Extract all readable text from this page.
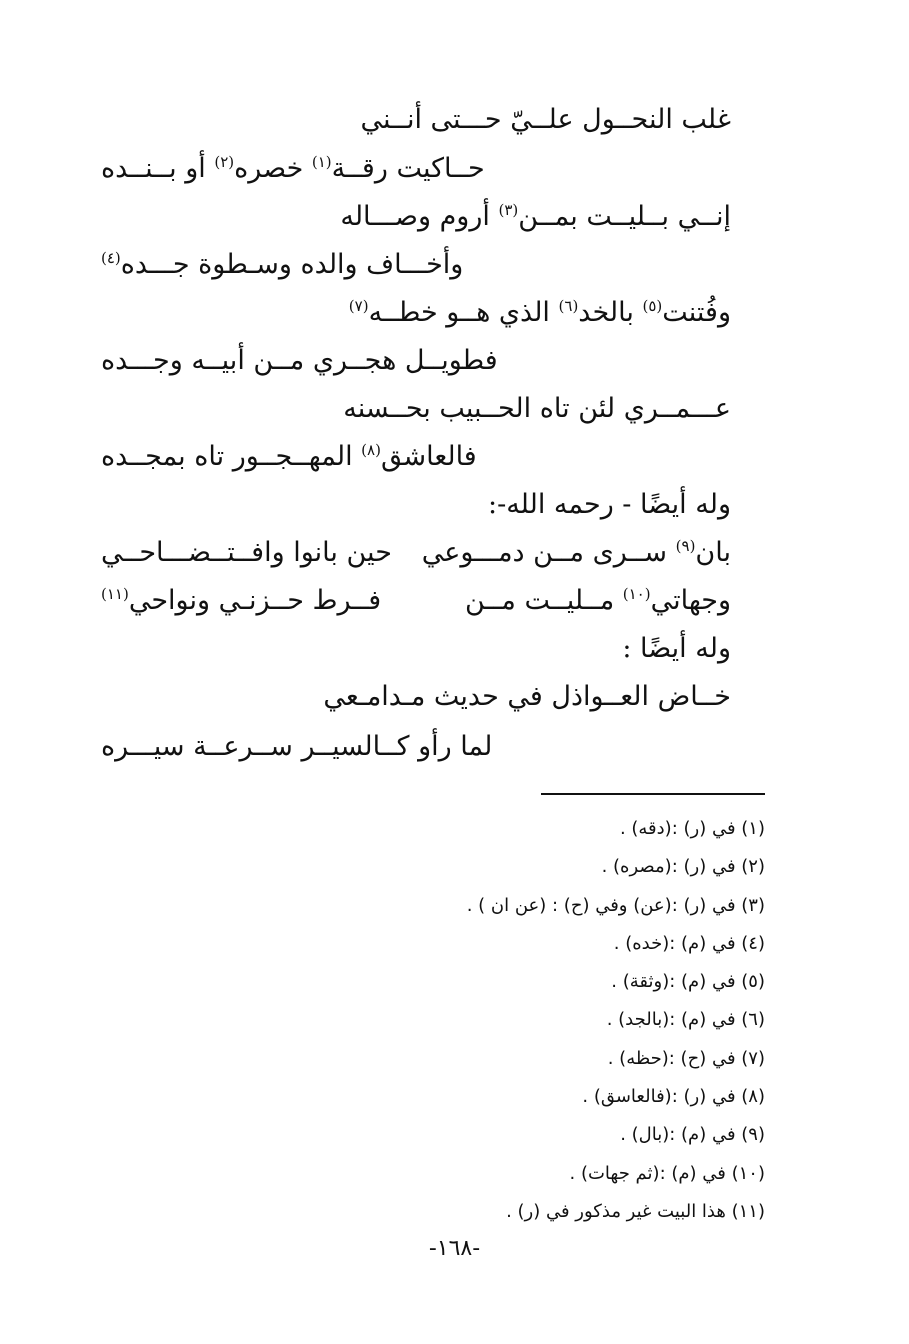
غلب النحــول علــيّ حـــتى أنــني
حــاكيت رقــة$^{(١)}$ خصره$^{(٢)}$ أو بــنــده
إنــي بــليــت بمــن$^{(٣)}$ أروم وصـــاله
وأخـــاف والده وسـطوة جـــده$^{(٤)}$
وفُتنت$^{(٥)}$ بالخد$^{(٦)}$ الذي هــو خطــه$^{(٧)}$
فطويــل هجــري مــن أبيــه وجـــده
عـــمــري لئن تاه الحــبيب بحــسنه
فالعاشق$^{(٨)}$ المهــجــور تاه بمجــده
وله أيضًا - رحمه الله-:
بان$^{(٩)}$ ســرى مــن دمـــوعي
حين بانوا وافــتــضـــاحــي
وجهاتي$^{(١٠)}$ مــليــت مــن
فــرط حــزنـي ونواحي$^{(١١)}$
وله أيضًا :
خــاض العــواذل في حديث مـدامـعي
لما رأو كــالسيــر ســرعــة سيـــره
(١) في (ر) :(دقه) .
(٢) في (ر) :(مصره) .
(٣) في (ر) :(عن) وفي (ح) : (عن ان ) .
(٤) في (م) :(خده) .
(٥) في (م) :(وثقة) .
(٦) في (م) :(بالجد) .
(٧) في (ح) :(حظه) .
(٨) في (ر) :(فالعاسق) .
(٩) في (م) :(بال) .
(١٠) في (م) :(ثم جهات) .
(١١) هذا البيت غير مذكور في (ر) .
-١٦٨-
